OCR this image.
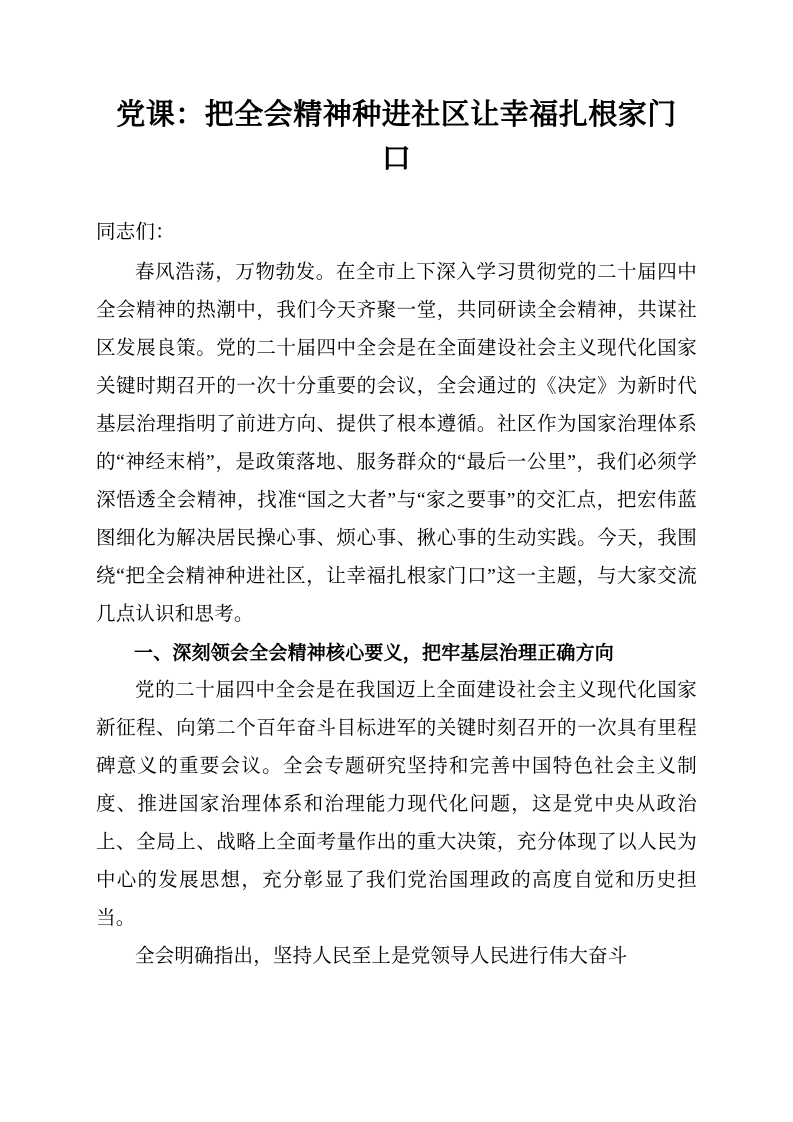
党课：把全会精神种进社区让幸福扎根家门口
同志们：

春风浩荡，万物勃发。在全市上下深入学习贯彻党的二十届四中全会精神的热潮中，我们今天齐聚一堂，共同研读全会精神，共谋社区发展良策。党的二十届四中全会是在全面建设社会主义现代化国家关键时期召开的一次十分重要的会议，全会通过的《决定》为新时代基层治理指明了前进方向、提供了根本遵循。社区作为国家治理体系的“神经末梢”，是政策落地、服务群众的“最后一公里”，我们必须学深悟透全会精神，找准“国之大者”与“家之要事”的交汇点，把宏伟蓝图细化为解决居民操心事、烦心事、揪心事的生动实践。今天，我围绕“把全会精神种进社区，让幸福扎根家门口”这一主题，与大家交流几点认识和思考。

一、深刻领会全会精神核心要义，把牢基层治理正确方向

党的二十届四中全会是在我国迈上全面建设社会主义现代化国家新征程、向第二个百年奋斗目标进军的关键时刻召开的一次具有里程碑意义的重要会议。全会专题研究坚持和完善中国特色社会主义制度、推进国家治理体系和治理能力现代化问题，这是党中央从政治上、全局上、战略上全面考量作出的重大决策，充分体现了以人民为中心的发展思想，充分彰显了我们党治国理政的高度自觉和历史担当。

全会明确指出，坚持人民至上是党领导人民进行伟大奋斗
